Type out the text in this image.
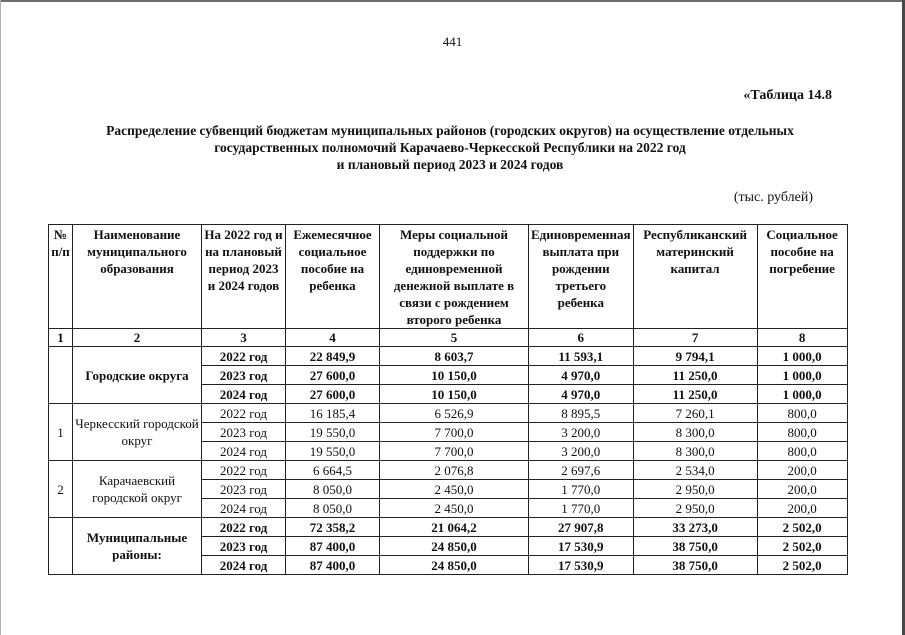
441
«Таблица 14.8
Распределение субвенций бюджетам муниципальных районов (городских округов) на осуществление отдельных
государственных полномочий Карачаево-Черкесской Республики на 2022 год
и плановый период 2023 и 2024 годов
(тыс. рублей)
№ п/п	Наименование муниципального образования	На 2022 год и на плановый период 2023 и 2024 годов	Ежемесячное социальное пособие на ребенка	Меры социальной поддержки по единовременной денежной выплате в связи с рождением второго ребенка	Единовременная выплата при рождении третьего ребенка	Республиканский материнский капитал	Социальное пособие на погребение
1	2	3	4	5	6	7	8
	Городские округа	2022 год	22 849,9	8 603,7	11 593,1	9 794,1	1 000,0
		2023 год	27 600,0	10 150,0	4 970,0	11 250,0	1 000,0
		2024 год	27 600,0	10 150,0	4 970,0	11 250,0	1 000,0
1	Черкесский городской округ	2022 год	16 185,4	6 526,9	8 895,5	7 260,1	800,0
		2023 год	19 550,0	7 700,0	3 200,0	8 300,0	800,0
		2024 год	19 550,0	7 700,0	3 200,0	8 300,0	800,0
2	Карачаевский городской округ	2022 год	6 664,5	2 076,8	2 697,6	2 534,0	200,0
		2023 год	8 050,0	2 450,0	1 770,0	2 950,0	200,0
		2024 год	8 050,0	2 450,0	1 770,0	2 950,0	200,0
	Муниципальные районы:	2022 год	72 358,2	21 064,2	27 907,8	33 273,0	2 502,0
		2023 год	87 400,0	24 850,0	17 530,9	38 750,0	2 502,0
		2024 год	87 400,0	24 850,0	17 530,9	38 750,0	2 502,0
